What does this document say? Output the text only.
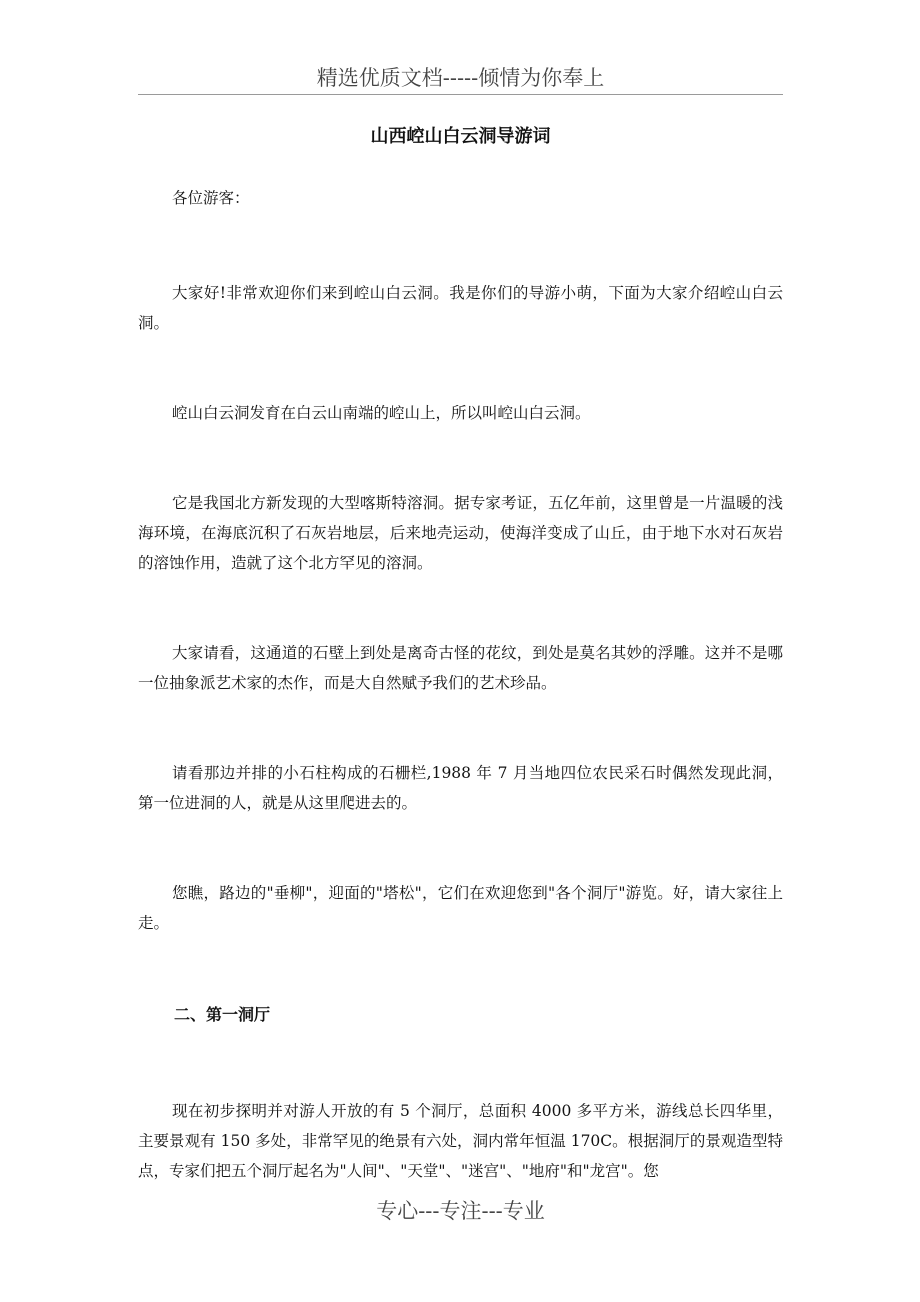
精选优质文档-----倾情为你奉上
山西崆山白云洞导游词

各位游客：

大家好!非常欢迎你们来到崆山白云洞。我是你们的导游小萌，下面为大家介绍崆山白云洞。

崆山白云洞发育在白云山南端的崆山上，所以叫崆山白云洞。

它是我国北方新发现的大型喀斯特溶洞。据专家考证，五亿年前，这里曾是一片温暖的浅海环境，在海底沉积了石灰岩地层，后来地壳运动，使海洋变成了山丘，由于地下水对石灰岩的溶蚀作用，造就了这个北方罕见的溶洞。

大家请看，这通道的石壁上到处是离奇古怪的花纹，到处是莫名其妙的浮雕。这并不是哪一位抽象派艺术家的杰作，而是大自然赋予我们的艺术珍品。

请看那边并排的小石柱构成的石栅栏,1988 年 7 月当地四位农民采石时偶然发现此洞，第一位进洞的人，就是从这里爬进去的。

您瞧，路边的"垂柳"，迎面的"塔松"，它们在欢迎您到"各个洞厅"游览。好，请大家往上走。

二、第一洞厅

现在初步探明并对游人开放的有 5 个洞厅，总面积 4000 多平方米，游线总长四华里，主要景观有 150 多处，非常罕见的绝景有六处，洞内常年恒温 170C。根据洞厅的景观造型特点，专家们把五个洞厅起名为"人间"、"天堂"、"迷宫"、"地府"和"龙宫"。您

专心---专注---专业
